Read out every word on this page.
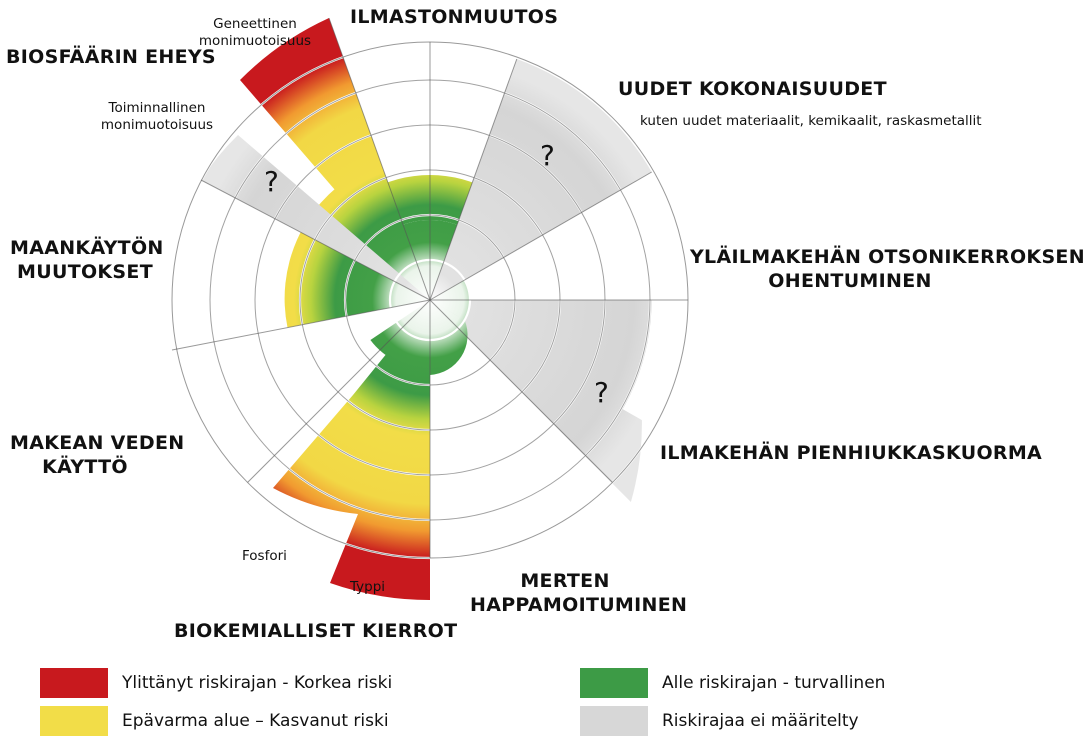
?
?
?
ILMASTONMUUTOS
UUDET KOKONAISUUDET
kuten uudet materiaalit, kemikaalit, raskasmetallit
YLÄILMAKEHÄN OTSONIKERROKSEN
OHENTUMINEN
ILMAKEHÄN PIENHIUKKASKUORMA
MERTEN
HAPPAMOITUMINEN
BIOKEMIALLISET KIERROT
Fosfori
Typpi
MAKEAN VEDEN
KÄYTTÖ
MAANKÄYTÖN
MUUTOKSET
BIOSFÄÄRIN EHEYS
Geneettinen monimuotoisuus
Toiminnallinen monimuotoisuus
Ylittänyt riskirajan - Korkea riski
Epävarma alue – Kasvanut riski
Alle riskirajan - turvallinen
Riskirajaa ei määritelty
